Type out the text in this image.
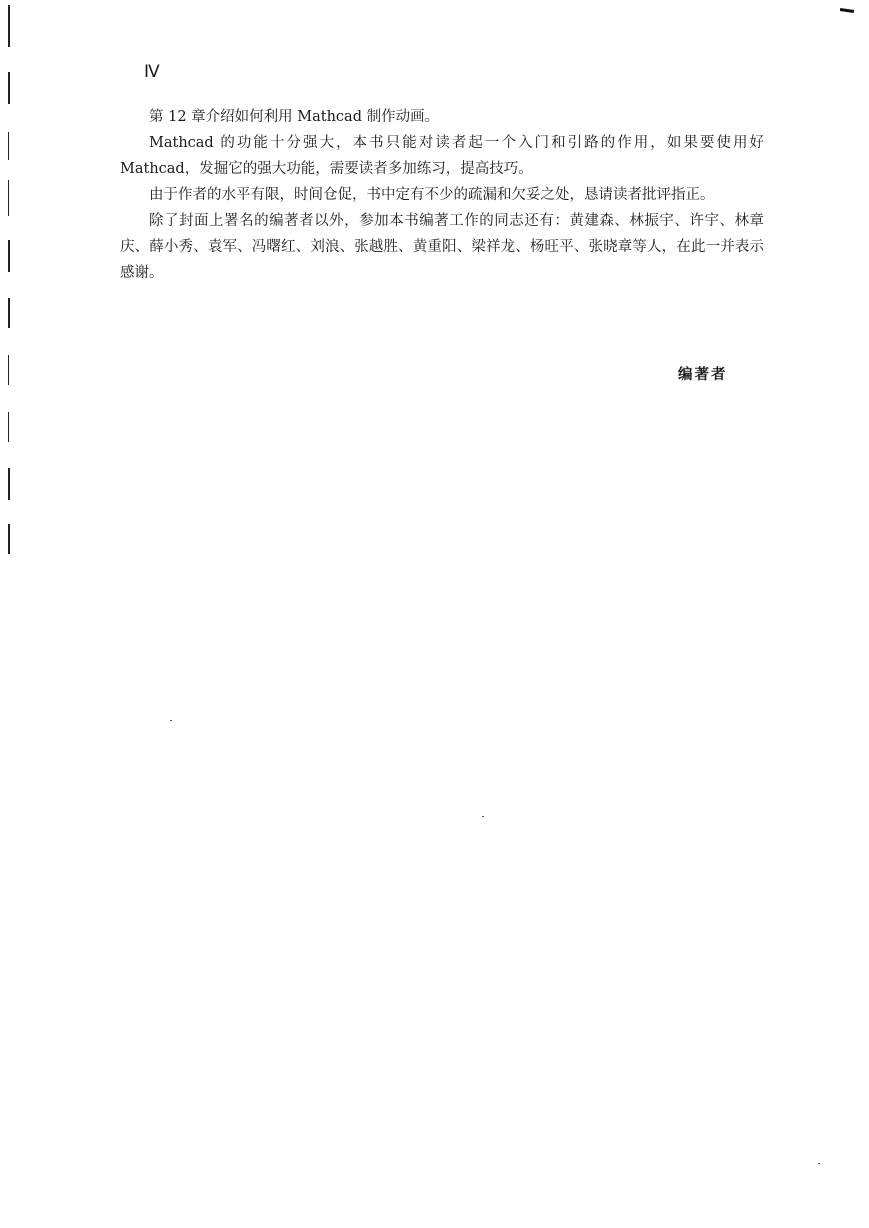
Ⅳ

第 12 章介绍如何利用 Mathcad 制作动画。

Mathcad 的功能十分强大，本书只能对读者起一个入门和引路的作用，如果要使用好 Mathcad，发掘它的强大功能，需要读者多加练习，提高技巧。

由于作者的水平有限，时间仓促，书中定有不少的疏漏和欠妥之处，恳请读者批评指正。

除了封面上署名的编著者以外，参加本书编著工作的同志还有：黄建森、林振宇、许宇、林章庆、薛小秀、袁军、冯曙红、刘浪、张越胜、黄重阳、梁祥龙、杨旺平、张晓章等人，在此一并表示感谢。

编著者
